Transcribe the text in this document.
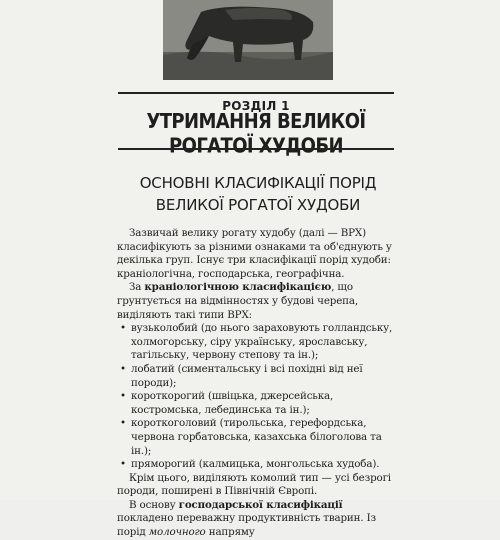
РОЗДІЛ 1
УТРИМАННЯ ВЕЛИКОЇ РОГАТОЇ ХУДОБИ
ОСНОВНІ КЛАСИФІКАЦІЇ ПОРІД
ВЕЛИКОЇ РОГАТОЇ ХУДОБИ

Зазвичай велику рогату худобу (далі — ВРХ) класифікують за різними ознаками та об'єднують у декілька груп. Існує три класифікації порід худоби: краніологічна, господарська, географічна.

За краніологічною класифікацією, що грунтується на відмінностях у будові черепа, виділяють такі типи ВРХ:

• вузьколобий (до нього зараховують голландську, холмогорську, сіру українську, ярославську, тагільську, червону степову та ін.);

• лобатий (симентальську і всі похідні від неї породи);

• короткорогий (швіцька, джерсейська, костромська, лебединська та ін.);

• короткоголовий (тирольська, герефордська, червона горбатовська, казахська білоголова та ін.);

• пряморогий (калмицька, монгольська худоба).

Крім цього, виділяють комолий тип — усі безрогі породи, поширені в Північній Європі.

В основу господарської класифікації покладено переважну продуктивність тварин. Із порід молочного напряму
